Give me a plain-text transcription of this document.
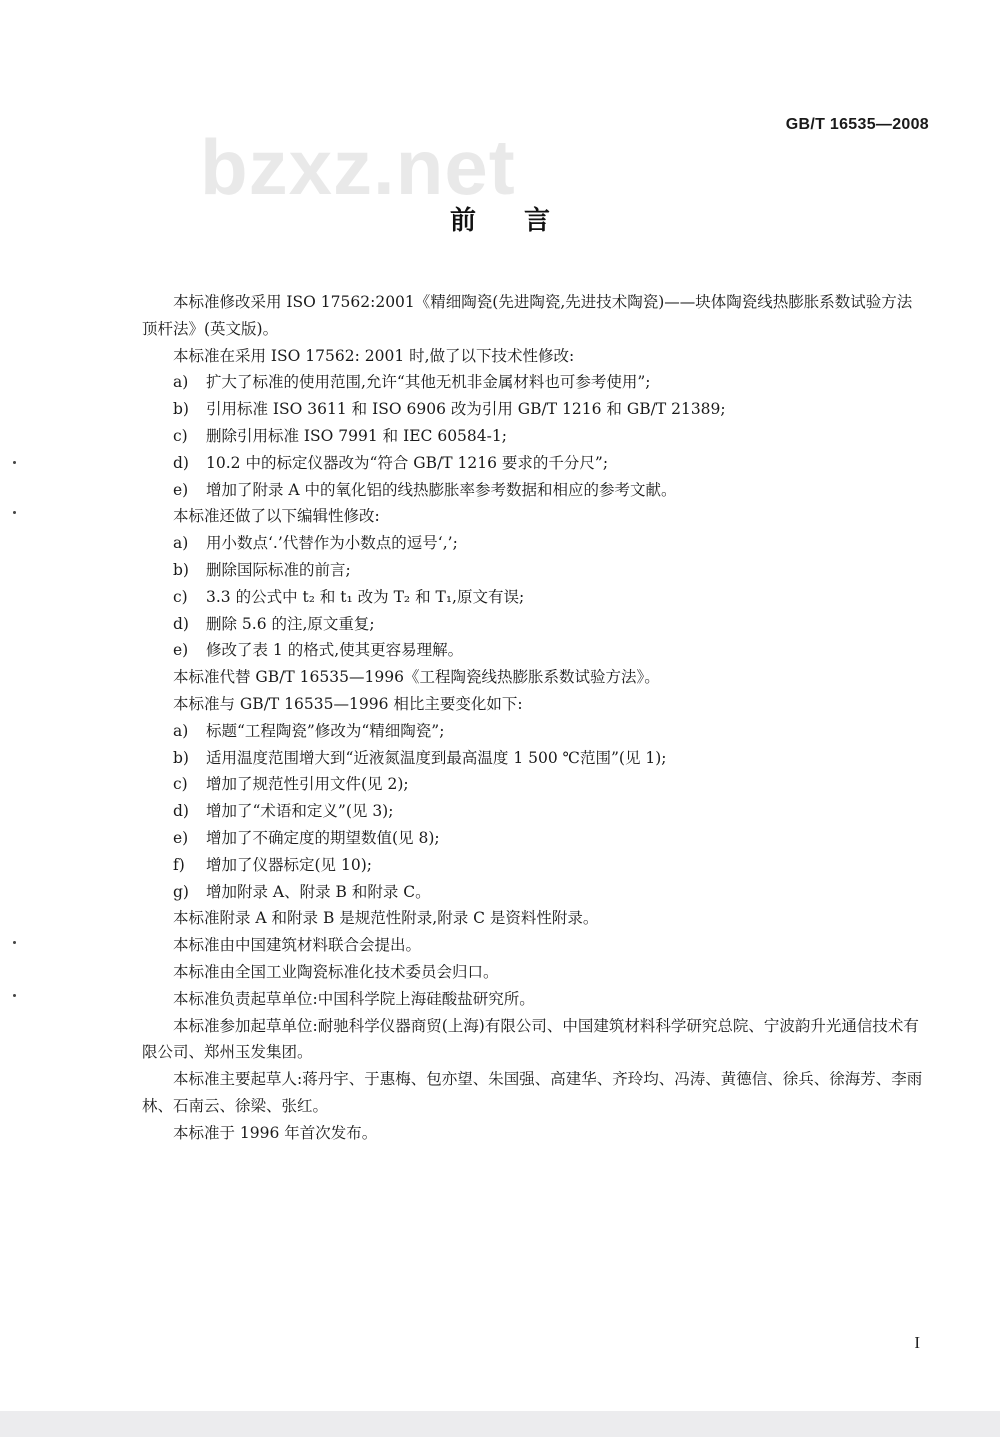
GB/T 16535—2008
bzxz.net
前言

本标准修改采用 ISO 17562:2001《精细陶瓷(先进陶瓷,先进技术陶瓷)——块体陶瓷线热膨胀系数试验方法　顶杆法》(英文版)。

本标准在采用 ISO 17562: 2001 时,做了以下技术性修改:

a) 扩大了标准的使用范围,允许“其他无机非金属材料也可参考使用”;

b) 引用标准 ISO 3611 和 ISO 6906 改为引用 GB/T 1216 和 GB/T 21389;

c) 删除引用标准 ISO 7991 和 IEC 60584-1;

d) 10.2 中的标定仪器改为“符合 GB/T 1216 要求的千分尺”;

e) 增加了附录 A 中的氧化铝的线热膨胀率参考数据和相应的参考文献。

本标准还做了以下编辑性修改:

a) 用小数点‘.’代替作为小数点的逗号‘,’;

b) 删除国际标准的前言;

c) 3.3 的公式中 t₂ 和 t₁ 改为 T₂ 和 T₁,原文有误;

d) 删除 5.6 的注,原文重复;

e) 修改了表 1 的格式,使其更容易理解。

本标准代替 GB/T 16535—1996《工程陶瓷线热膨胀系数试验方法》。

本标准与 GB/T 16535—1996 相比主要变化如下:

a) 标题“工程陶瓷”修改为“精细陶瓷”;

b) 适用温度范围增大到“近液氮温度到最高温度 1 500 ℃范围”(见 1);

c) 增加了规范性引用文件(见 2);

d) 增加了“术语和定义”(见 3);

e) 增加了不确定度的期望数值(见 8);

f) 增加了仪器标定(见 10);

g) 增加附录 A、附录 B 和附录 C。

本标准附录 A 和附录 B 是规范性附录,附录 C 是资料性附录。

本标准由中国建筑材料联合会提出。

本标准由全国工业陶瓷标准化技术委员会归口。

本标准负责起草单位:中国科学院上海硅酸盐研究所。

本标准参加起草单位:耐驰科学仪器商贸(上海)有限公司、中国建筑材料科学研究总院、宁波韵升光通信技术有限公司、郑州玉发集团。

本标准主要起草人:蒋丹宇、于惠梅、包亦望、朱国强、高建华、齐玲均、冯涛、黄德信、徐兵、徐海芳、李雨林、石南云、徐梁、张红。

本标准于 1996 年首次发布。

I
